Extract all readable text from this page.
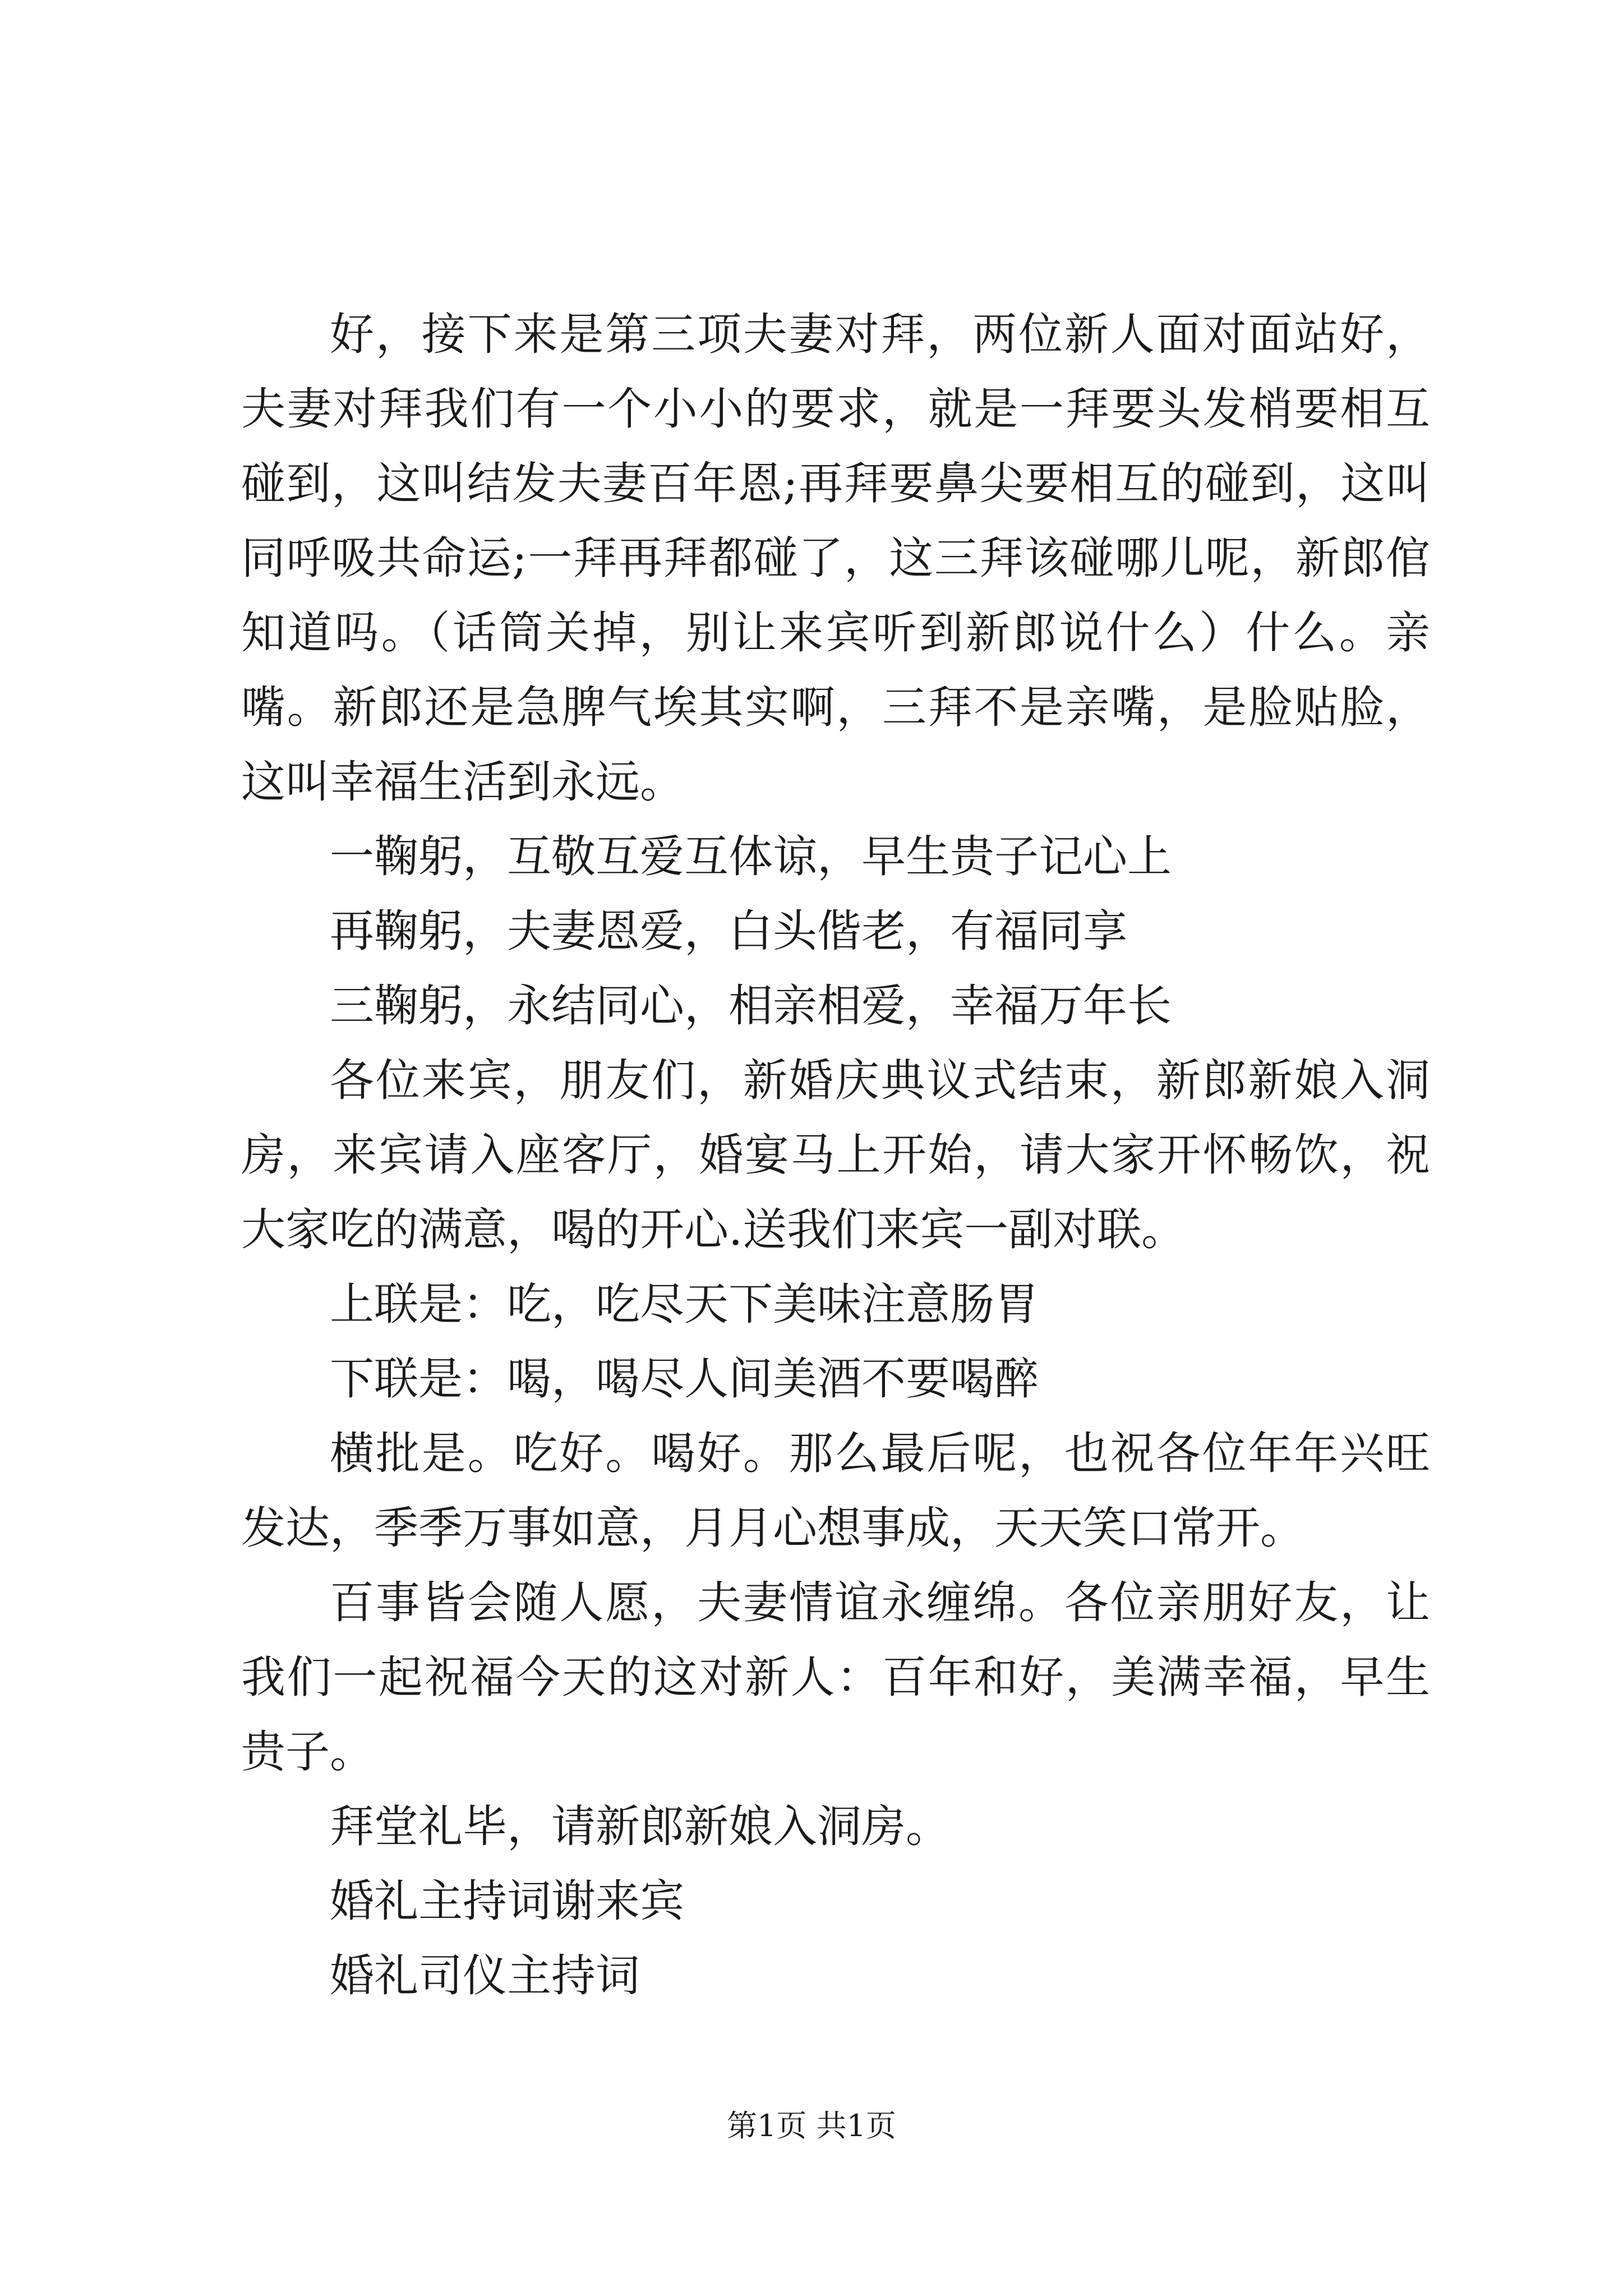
好，接下来是第三项夫妻对拜，两位新人面对面站好，夫妻对拜我们有一个小小的要求，就是一拜要头发梢要相互碰到，这叫结发夫妻百年恩;再拜要鼻尖要相互的碰到，这叫同呼吸共命运;一拜再拜都碰了，这三拜该碰哪儿呢，新郎倌知道吗。（话筒关掉，别让来宾听到新郎说什么）什么。亲嘴。新郎还是急脾气埃其实啊，三拜不是亲嘴，是脸贴脸，这叫幸福生活到永远。

一鞠躬，互敬互爱互体谅，早生贵子记心上

再鞠躬，夫妻恩爱，白头偕老，有福同享

三鞠躬，永结同心，相亲相爱，幸福万年长

各位来宾，朋友们，新婚庆典议式结束，新郎新娘入洞房，来宾请入座客厅，婚宴马上开始，请大家开怀畅饮，祝大家吃的满意，喝的开心.送我们来宾一副对联。

上联是：吃，吃尽天下美味注意肠胃

下联是：喝，喝尽人间美酒不要喝醉

横批是。吃好。喝好。那么最后呢，也祝各位年年兴旺发达，季季万事如意，月月心想事成，天天笑口常开。

百事皆会随人愿，夫妻情谊永缠绵。各位亲朋好友，让我们一起祝福今天的这对新人：百年和好，美满幸福，早生贵子。

拜堂礼毕，请新郎新娘入洞房。

婚礼主持词谢来宾

婚礼司仪主持词

第1页 共1页
